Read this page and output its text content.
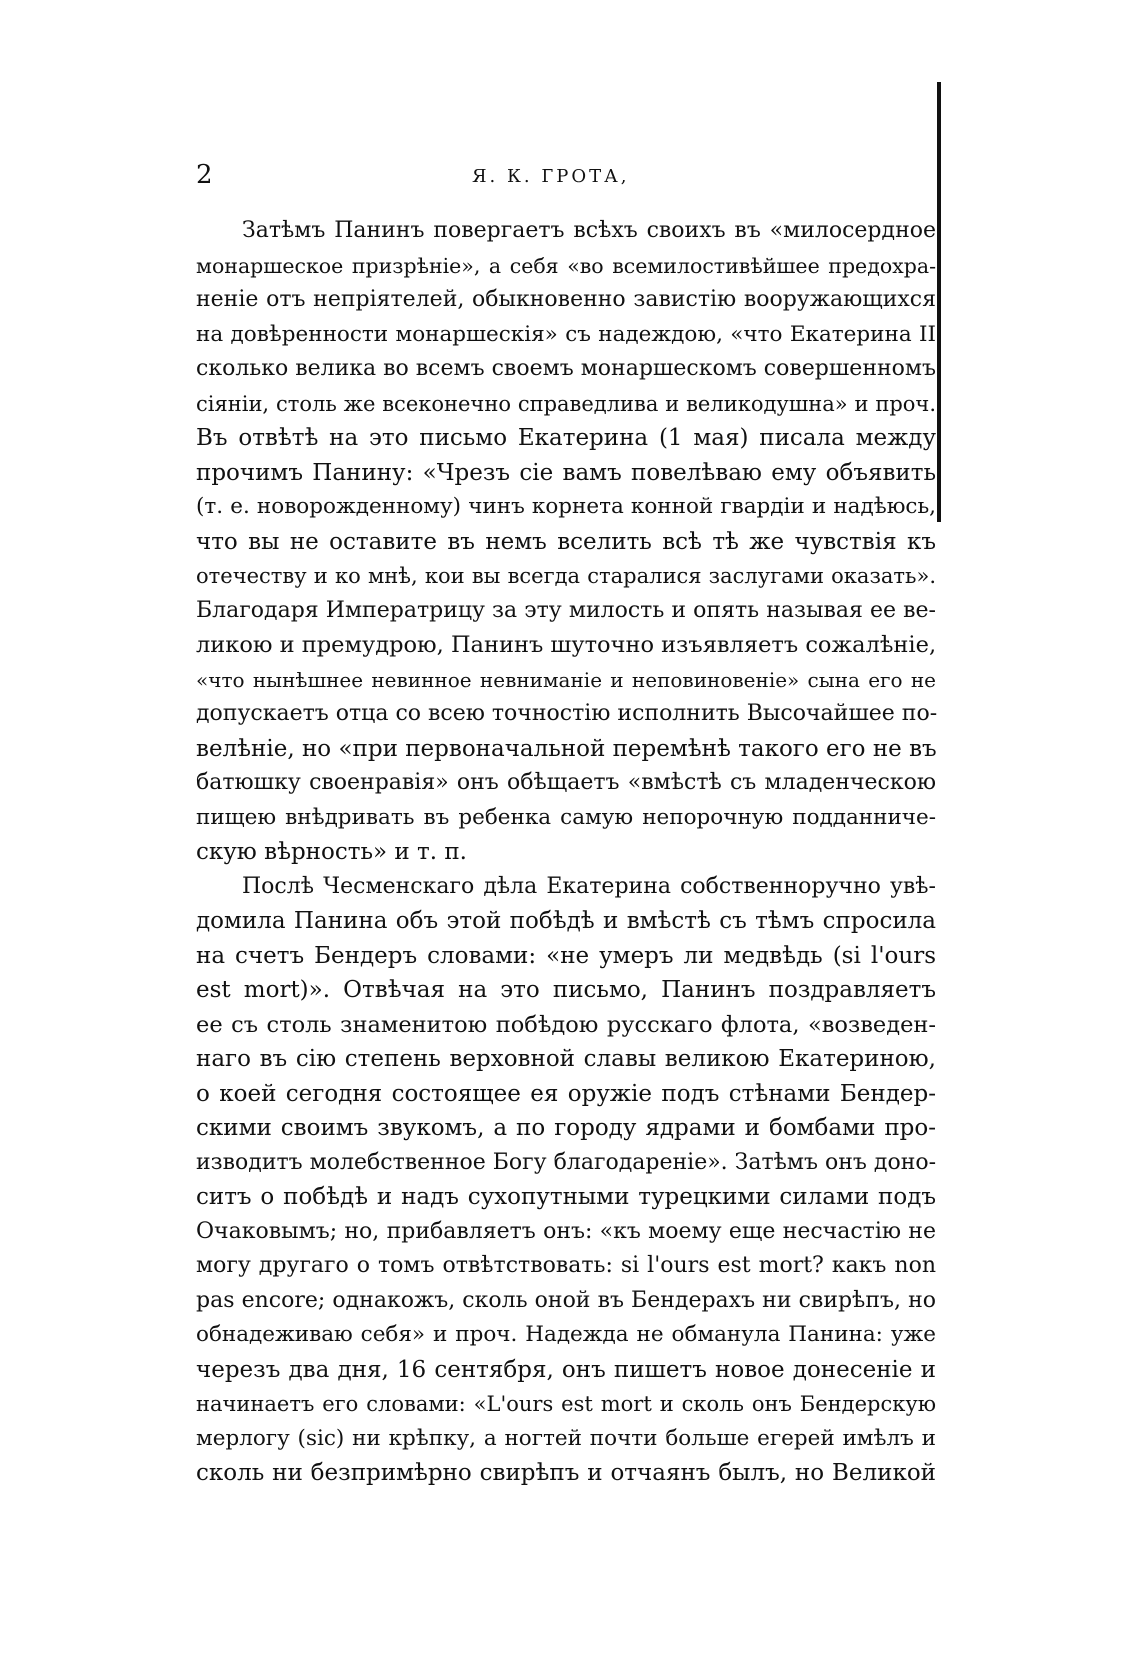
2	Я. К. ГРОТА,
Затѣмъ Панинъ повергаетъ всѣхъ своихъ въ «милосердное
монаршеское призрѣніе», а себя «во всемилостивѣйшее предохра-
неніе отъ непріятелей, обыкновенно завистію вооружающихся
на довѣренности монаршескія» съ надеждою, «что Екатерина II
сколько велика во всемъ своемъ монаршескомъ совершенномъ
сіяніи, столь же всеконечно справедлива и великодушна» и проч.
Въ отвѣтѣ на это письмо Екатерина (1 мая) писала между
прочимъ Панину: «Чрезъ сіе вамъ повелѣваю ему объявить
(т. е. новорожденному) чинъ корнета конной гвардіи и надѣюсь,
что вы не оставите въ немъ вселить всѣ тѣ же чувствія къ
отечеству и ко мнѣ, кои вы всегда старалися заслугами оказать».
Благодаря Императрицу за эту милость и опять называя ее ве-
ликою и премудрою, Панинъ шуточно изъявляетъ сожалѣніе,
«что нынѣшнее невинное невниманіе и неповиновеніе» сына его не
допускаетъ отца со всею точностію исполнить Высочайшее по-
велѣніе, но «при первоначальной перемѣнѣ такого его не въ
батюшку своенравія» онъ обѣщаетъ «вмѣстѣ съ младенческою
пищею внѣдривать въ ребенка самую непорочную подданниче-
скую вѣрность» и т. п.
Послѣ Чесменскаго дѣла Екатерина собственноручно увѣ-
домила Панина объ этой побѣдѣ и вмѣстѣ съ тѣмъ спросила
на счетъ Бендеръ словами: «не умеръ ли медвѣдь (si l'ours
est mort)». Отвѣчая на это письмо, Панинъ поздравляетъ
ее съ столь знаменитою побѣдою русскаго флота, «возведен-
наго въ сію степень верховной славы великою Екатериною,
о коей сегодня состоящее ея оружіе подъ стѣнами Бендер-
скими своимъ звукомъ, а по городу ядрами и бомбами про-
изводитъ молебственное Богу благодареніе». Затѣмъ онъ доно-
ситъ о побѣдѣ и надъ сухопутными турецкими силами подъ
Очаковымъ; но, прибавляетъ онъ: «къ моему еще несчастію не
могу другаго о томъ отвѣтствовать: si l'ours est mort? какъ non
pas encore; однакожъ, сколь оной въ Бендерахъ ни свирѣпъ, но
обнадеживаю себя» и проч. Надежда не обманула Панина: уже
черезъ два дня, 16 сентября, онъ пишетъ новое донесеніе и
начинаетъ его словами: «L'ours est mort и сколь онъ Бендерскую
мерлогу (sic) ни крѣпку, а ногтей почти больше егерей имѣлъ и
сколь ни безпримѣрно свирѣпъ и отчаянъ былъ, но Великой
